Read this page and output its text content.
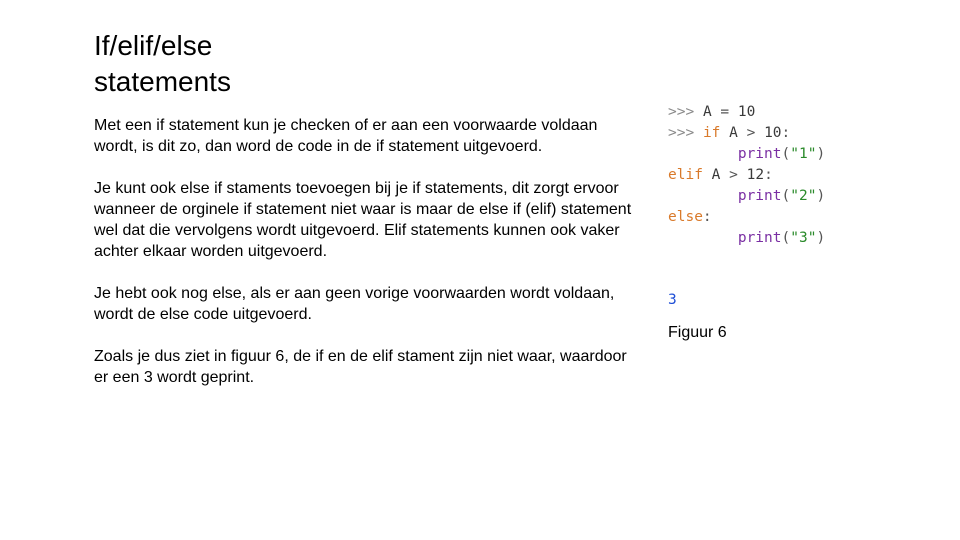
If/elif/else
statements

Met een if statement kun je checken of er aan een voorwaarde voldaan wordt, is dit zo, dan word de code in de if statement uitgevoerd.

Je kunt ook else if staments toevoegen bij je if statements, dit zorgt ervoor wanneer de orginele if statement niet waar is maar de else if (elif) statement wel dat die vervolgens wordt uitgevoerd. Elif statements kunnen ook vaker achter elkaar worden uitgevoerd.

Je hebt ook nog else, als er aan geen vorige voorwaarden wordt voldaan, wordt de else code uitgevoerd.

Zoals je dus ziet in figuur 6, de if en de elif stament zijn niet waar, waardoor er een 3 wordt geprint.

>>> A = 10
>>> if A > 10:
print("1")
elif A > 12:
print("2")
else:
print("3")
3
Figuur 6
